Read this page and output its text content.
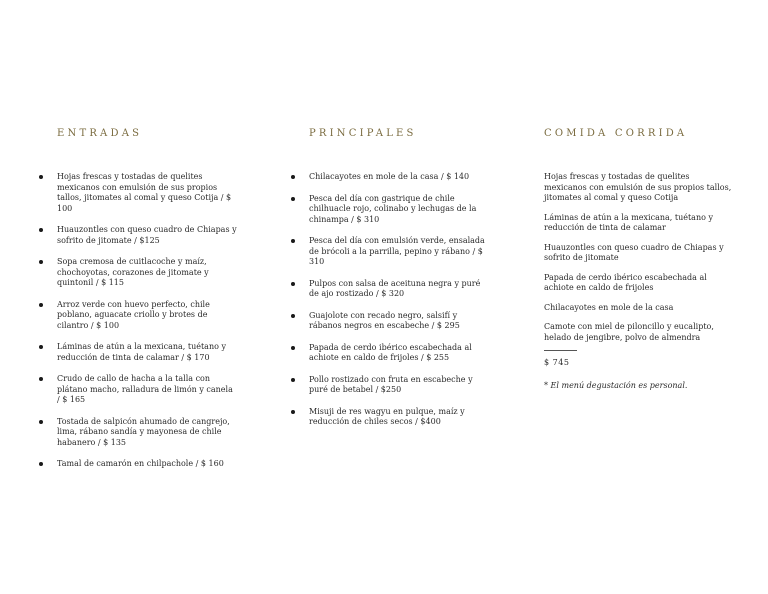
ENTRADAS
Hojas frescas y tostadas de quelites mexicanos con emulsión de sus propios tallos, jitomates al comal y queso Cotija / $ 100
Huauzontles con queso cuadro de Chiapas y sofrito de jitomate / $125
Sopa cremosa de cuitlacoche y maíz, chochoyotas, corazones de jitomate y quintonil / $ 115
Arroz verde con huevo perfecto, chile poblano, aguacate criollo y brotes de cilantro / $ 100
Láminas de atún a la mexicana, tuétano y reducción de tinta de calamar / $ 170
Crudo de callo de hacha a la talla con plátano macho, ralladura de limón y canela / $ 165
Tostada de salpicón ahumado de cangrejo, lima, rábano sandía y mayonesa de chile habanero / $ 135
Tamal de camarón en chilpachole / $ 160
PRINCIPALES
Chilacayotes en mole de la casa / $ 140
Pesca del día con gastrique de chile chilhuacle rojo, colinabo y lechugas de la chinampa / $ 310
Pesca del día con emulsión verde, ensalada de brócoli a la parrilla, pepino y rábano / $ 310
Pulpos con salsa de aceituna negra y puré de ajo rostizado / $ 320
Guajolote con recado negro, salsifí y rábanos negros en escabeche / $ 295
Papada de cerdo ibérico escabechada al achiote en caldo de frijoles / $ 255
Pollo rostizado con fruta en escabeche y puré de betabel / $250
Misuji de res wagyu en pulque, maíz y reducción de chiles secos / $400
COMIDA CORRIDA

Hojas frescas y tostadas de quelites mexicanos con emulsión de sus propios tallos, jitomates al comal y queso Cotija

Láminas de atún a la mexicana, tuétano y reducción de tinta de calamar

Huauzontles con queso cuadro de Chiapas y sofrito de jitomate

Papada de cerdo ibérico escabechada al achiote en caldo de frijoles

Chilacayotes en mole de la casa

Camote con miel de piloncillo y eucalipto, helado de jengibre, polvo de almendra

$ 745

* El menú degustación es personal.
